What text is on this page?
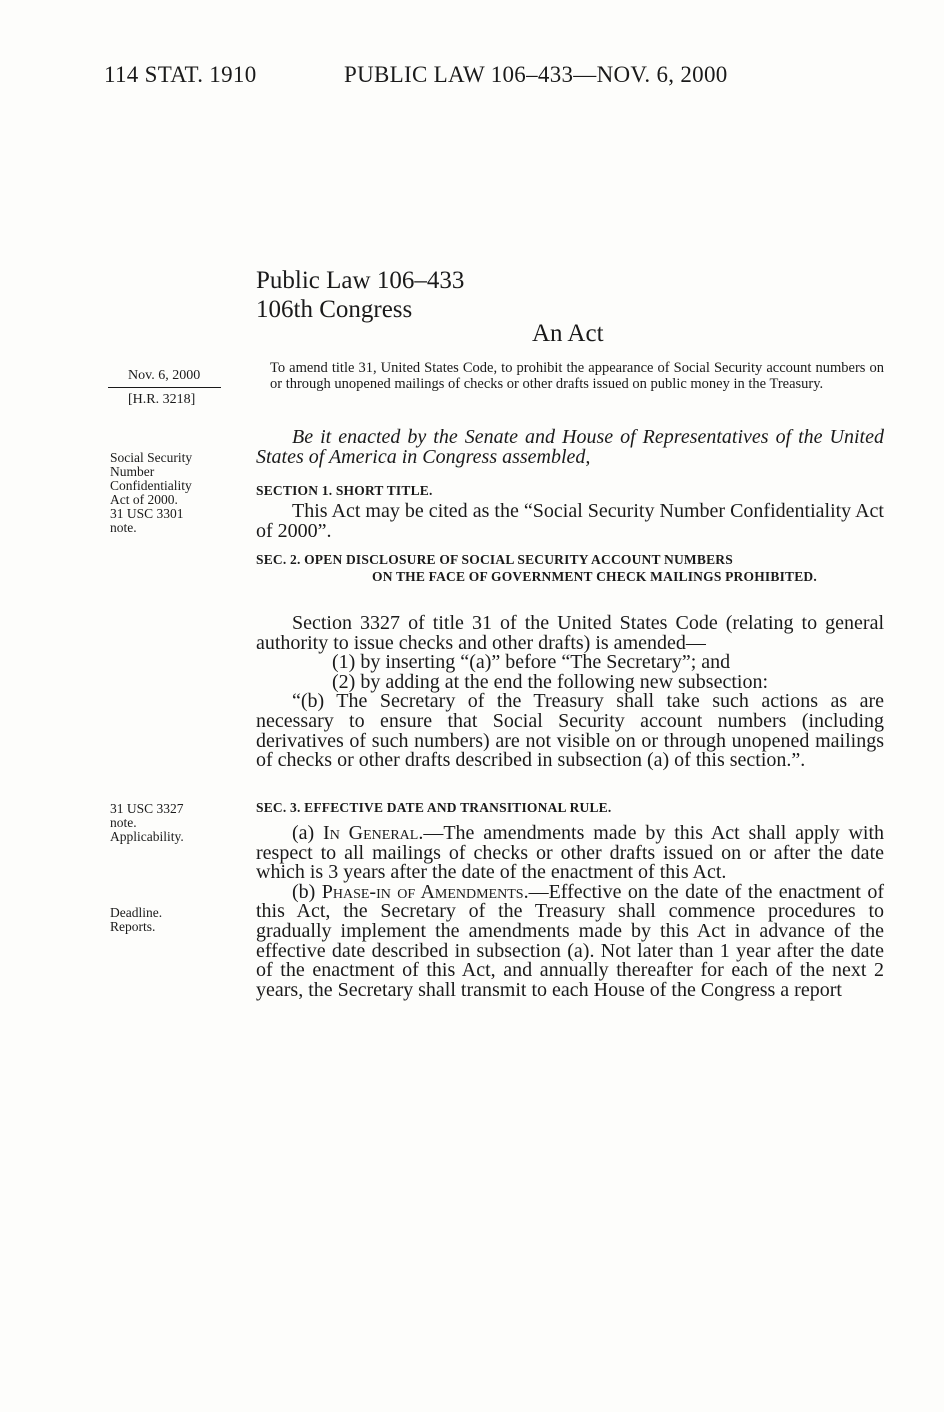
114 STAT. 1910	PUBLIC LAW 106–433—NOV. 6, 2000
Public Law 106–433
106th Congress
An Act
Nov. 6, 2000
[H.R. 3218]
Social Security
Number
Confidentiality
Act of 2000.
31 USC 3301
note.
31 USC 3327
note.
Applicability.
Deadline.
Reports.
To amend title 31, United States Code, to prohibit the appearance of Social Security account numbers on or through unopened mailings of checks or other drafts issued on public money in the Treasury.
Be it enacted by the Senate and House of Representatives of the United States of America in Congress assembled,
SECTION 1. SHORT TITLE.
This Act may be cited as the “Social Security Number Confidentiality Act of 2000”.
SEC. 2. OPEN DISCLOSURE OF SOCIAL SECURITY ACCOUNT NUMBERS
ON THE FACE OF GOVERNMENT CHECK MAILINGS PROHIBITED.
Section 3327 of title 31 of the United States Code (relating to general authority to issue checks and other drafts) is amended—
(1) by inserting “(a)” before “The Secretary”; and
(2) by adding at the end the following new subsection:
“(b) The Secretary of the Treasury shall take such actions as are necessary to ensure that Social Security account numbers (including derivatives of such numbers) are not visible on or through unopened mailings of checks or other drafts described in subsection (a) of this section.”.
SEC. 3. EFFECTIVE DATE AND TRANSITIONAL RULE.
(a) In General.—The amendments made by this Act shall apply with respect to all mailings of checks or other drafts issued on or after the date which is 3 years after the date of the enactment of this Act.
(b) Phase-in of Amendments.—Effective on the date of the enactment of this Act, the Secretary of the Treasury shall commence procedures to gradually implement the amendments made by this Act in advance of the effective date described in subsection (a). Not later than 1 year after the date of the enactment of this Act, and annually thereafter for each of the next 2 years, the Secretary shall transmit to each House of the Congress a report
